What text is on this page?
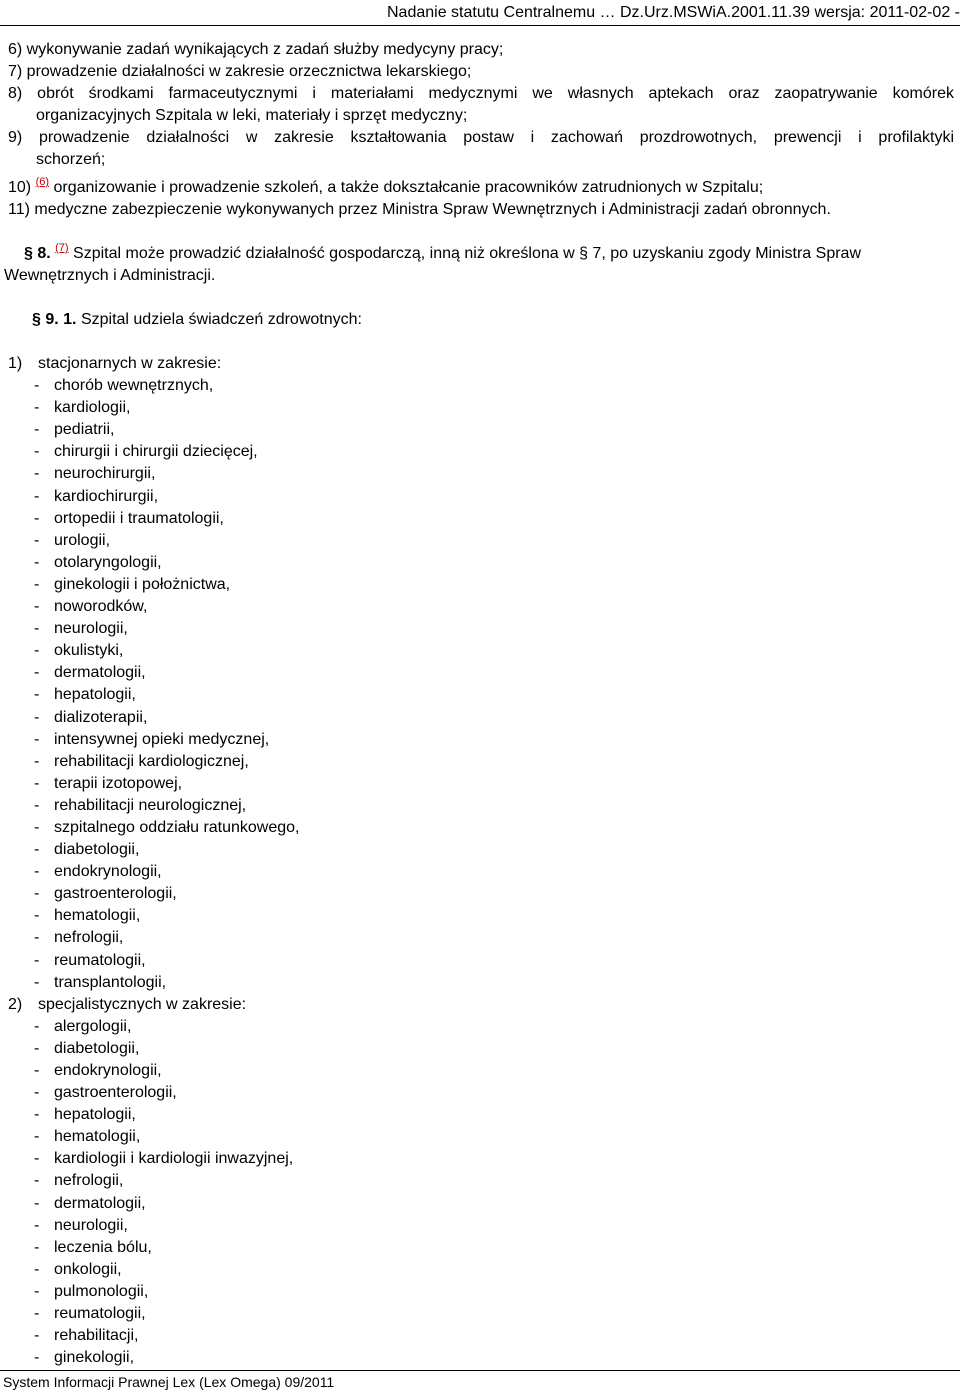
Nadanie statutu Centralnemu … Dz.Urz.MSWiA.2001.11.39 wersja: 2011-02-02 -
6) wykonywanie zadań wynikających z zadań służby medycyny pracy;
7) prowadzenie działalności w zakresie orzecznictwa lekarskiego;
8) obrót środkami farmaceutycznymi i materiałami medycznymi we własnych aptekach oraz zaopatrywanie komórek
organizacyjnych Szpitala w leki, materiały i sprzęt medyczny;
9) prowadzenie działalności w zakresie kształtowania postaw i zachowań prozdrowotnych, prewencji i profilaktyki
schorzeń;
10) $^{(6)}$ organizowanie i prowadzenie szkoleń, a także dokształcanie pracowników zatrudnionych w Szpitalu;
11) medyczne zabezpieczenie wykonywanych przez Ministra Spraw Wewnętrznych i Administracji zadań obronnych.
§ 8. $^{(7)}$ Szpital może prowadzić działalność gospodarczą, inną niż określona w § 7, po uzyskaniu zgody Ministra Spraw
Wewnętrznych i Administracji.
§ 9. 1. Szpital udziela świadczeń zdrowotnych:
1) stacjonarnych w zakresie:
- chorób wewnętrznych,
- kardiologii,
- pediatrii,
- chirurgii i chirurgii dziecięcej,
- neurochirurgii,
- kardiochirurgii,
- ortopedii i traumatologii,
- urologii,
- otolaryngologii,
- ginekologii i położnictwa,
- noworodków,
- neurologii,
- okulistyki,
- dermatologii,
- hepatologii,
- dializoterapii,
- intensywnej opieki medycznej,
- rehabilitacji kardiologicznej,
- terapii izotopowej,
- rehabilitacji neurologicznej,
- szpitalnego oddziału ratunkowego,
- diabetologii,
- endokrynologii,
- gastroenterologii,
- hematologii,
- nefrologii,
- reumatologii,
- transplantologii,
2) specjalistycznych w zakresie:
- alergologii,
- diabetologii,
- endokrynologii,
- gastroenterologii,
- hepatologii,
- hematologii,
- kardiologii i kardiologii inwazyjnej,
- nefrologii,
- dermatologii,
- neurologii,
- leczenia bólu,
- onkologii,
- pulmonologii,
- reumatologii,
- rehabilitacji,
- ginekologii,
System Informacji Prawnej Lex (Lex Omega) 09/2011
